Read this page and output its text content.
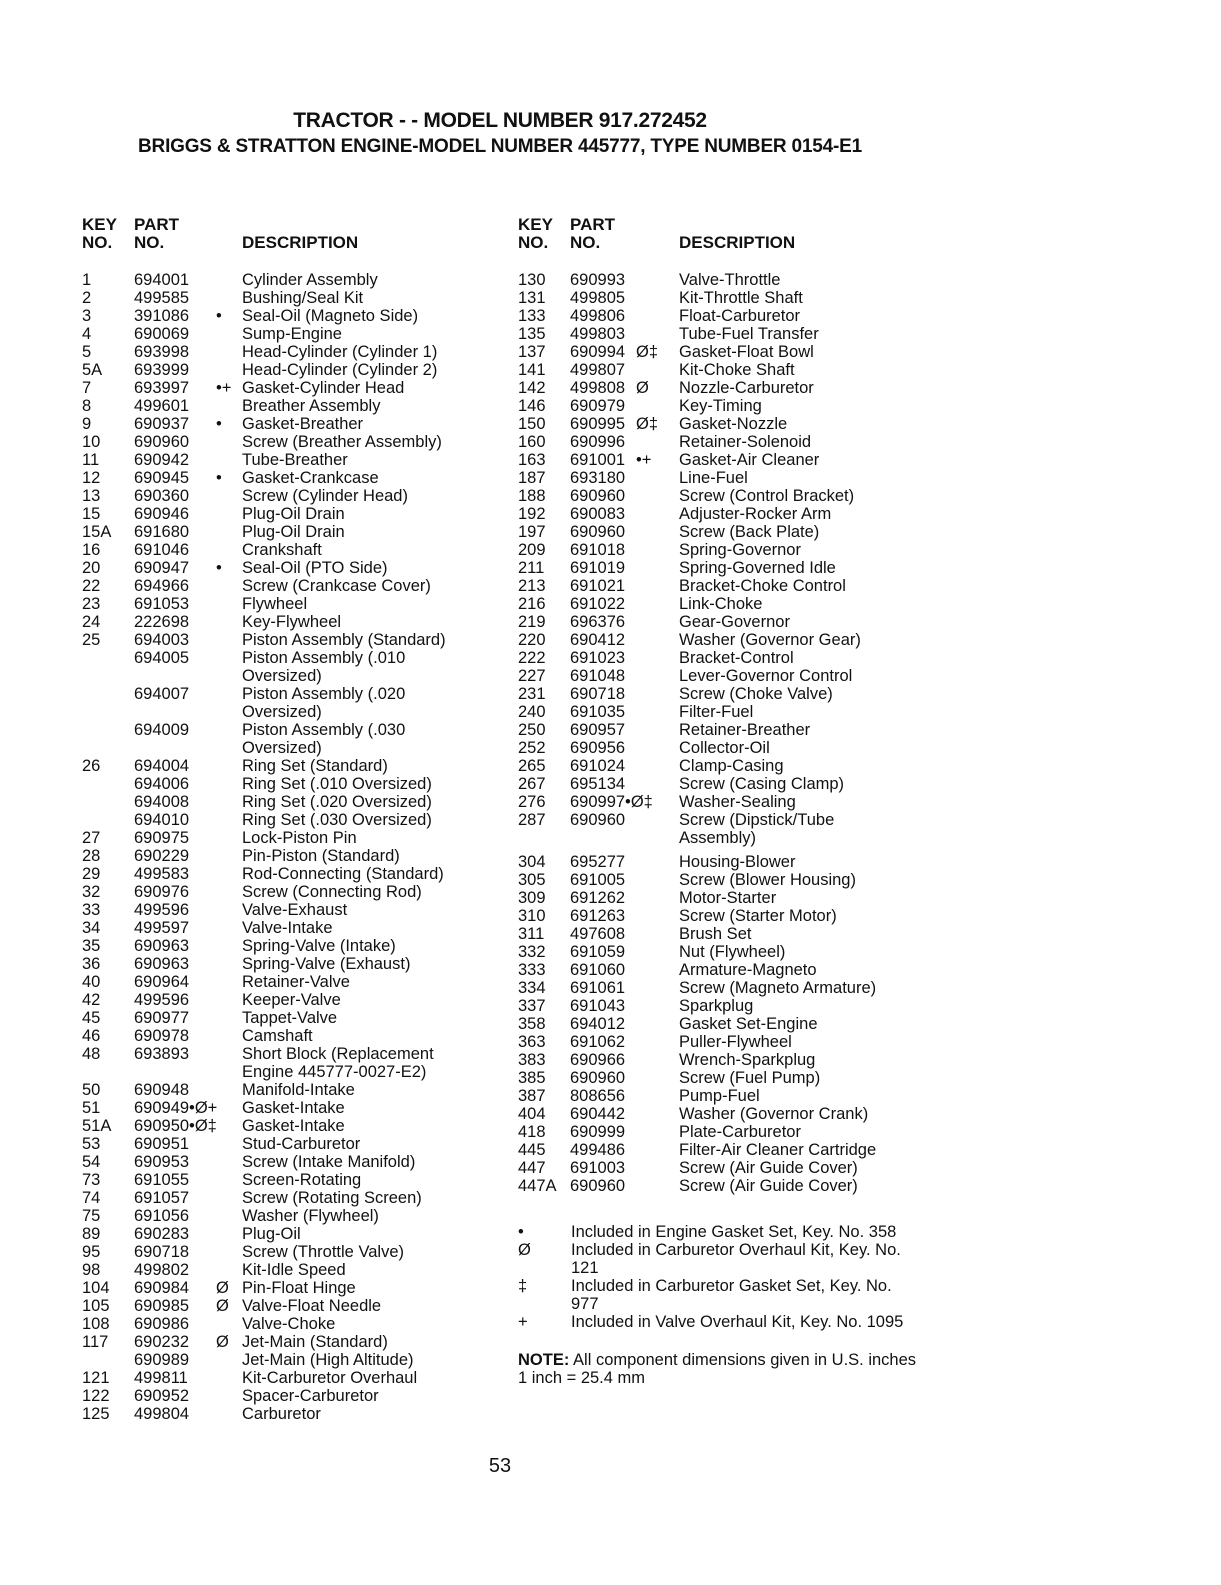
TRACTOR - - MODEL NUMBER 917.272452
BRIGGS & STRATTON ENGINE-MODEL NUMBER 445777, TYPE NUMBER 0154-E1
KEY
NO.
PART
NO.	DESCRIPTION
1	694001	Cylinder Assembly
2	499585	Bushing/Seal Kit
3	391086 • Seal-Oil (Magneto Side)
4	690069	Sump-Engine
5	693998	Head-Cylinder (Cylinder 1)
5A 693999	Head-Cylinder (Cylinder 2)
7	693997 •+ Gasket-Cylinder Head
8	499601	Breather Assembly
9	690937 • Gasket-Breather
10 690960	Screw (Breather Assembly)
11 690942	Tube-Breather
12 690945 • Gasket-Crankcase
13 690360	Screw (Cylinder Head)
15 690946	Plug-Oil Drain
15A 691680	Plug-Oil Drain
16 691046	Crankshaft
20 690947 • Seal-Oil (PTO Side)
22 694966	Screw (Crankcase Cover)
23 691053	Flywheel
24 222698	Key-Flywheel
25 694003	Piston Assembly (Standard)
694005	Piston Assembly (.010
Oversized)
694007	Piston Assembly (.020
Oversized)
694009	Piston Assembly (.030
Oversized)
26 694004	Ring Set (Standard)
694006	Ring Set (.010 Oversized)
694008	Ring Set (.020 Oversized)
694010	Ring Set (.030 Oversized)
27 690975	Lock-Piston Pin
28 690229	Pin-Piston (Standard)
29 499583	Rod-Connecting (Standard)
32 690976	Screw (Connecting Rod)
33 499596	Valve-Exhaust
34 499597	Valve-Intake
35 690963	Spring-Valve (Intake)
36 690963	Spring-Valve (Exhaust)
40 690964	Retainer-Valve
42 499596	Keeper-Valve
45 690977	Tappet-Valve
46 690978	Camshaft
48 693893	Short Block (Replacement
Engine 445777-0027-E2)
50 690948	Manifold-Intake
51 690949•Ø+ Gasket-Intake
51A 690950•Ø‡ Gasket-Intake
53 690951	Stud-Carburetor
54 690953	Screw (Intake Manifold)
73 691055	Screen-Rotating
74 691057	Screw (Rotating Screen)
75 691056	Washer (Flywheel)
89 690283	Plug-Oil
95 690718	Screw (Throttle Valve)
98 499802	Kit-Idle Speed
104 690984 Ø Pin-Float Hinge
105 690985 Ø Valve-Float Needle
108 690986	Valve-Choke
117 690232 Ø Jet-Main (Standard)
690989	Jet-Main (High Altitude)
121 499811	Kit-Carburetor Overhaul
122 690952	Spacer-Carburetor
125 499804	Carburetor
KEY
NO.
PART
NO.	DESCRIPTION
130 690993	Valve-Throttle
131 499805	Kit-Throttle Shaft
133 499806	Float-Carburetor
135 499803	Tube-Fuel Transfer
137 690994 Ø‡ Gasket-Float Bowl
141 499807	Kit-Choke Shaft
142 499808 Ø Nozzle-Carburetor
146 690979	Key-Timing
150 690995 Ø‡ Gasket-Nozzle
160 690996	Retainer-Solenoid
163 691001 •+ Gasket-Air Cleaner
187 693180	Line-Fuel
188 690960	Screw (Control Bracket)
192 690083	Adjuster-Rocker Arm
197 690960	Screw (Back Plate)
209 691018	Spring-Governor
211 691019	Spring-Governed Idle
213 691021	Bracket-Choke Control
216 691022	Link-Choke
219 696376	Gear-Governor
220 690412	Washer (Governor Gear)
222 691023	Bracket-Control
227 691048	Lever-Governor Control
231 690718	Screw (Choke Valve)
240 691035	Filter-Fuel
250 690957	Retainer-Breather
252 690956	Collector-Oil
265 691024	Clamp-Casing
267 695134	Screw (Casing Clamp)
276 690997•Ø‡ Washer-Sealing
287 690960	Screw (Dipstick/Tube
Assembly)
304 695277	Housing-Blower
305 691005	Screw (Blower Housing)
309 691262	Motor-Starter
310 691263	Screw (Starter Motor)
311 497608	Brush Set
332 691059	Nut (Flywheel)
333 691060	Armature-Magneto
334 691061	Screw (Magneto Armature)
337 691043	Sparkplug
358 694012	Gasket Set-Engine
363 691062	Puller-Flywheel
383 690966	Wrench-Sparkplug
385 690960	Screw (Fuel Pump)
387 808656	Pump-Fuel
404 690442	Washer (Governor Crank)
418 690999	Plate-Carburetor
445 499486	Filter-Air Cleaner Cartridge
447 691003	Screw (Air Guide Cover)
447A 690960	Screw (Air Guide Cover)
•	Included in Engine Gasket Set, Key. No. 358
Ø	Included in Carburetor Overhaul Kit, Key. No. 121
‡	Included in Carburetor Gasket Set, Key. No. 977
+	Included in Valve Overhaul Kit, Key. No. 1095
NOTE: All component dimensions given in U.S. inches 1 inch = 25.4 mm
53
